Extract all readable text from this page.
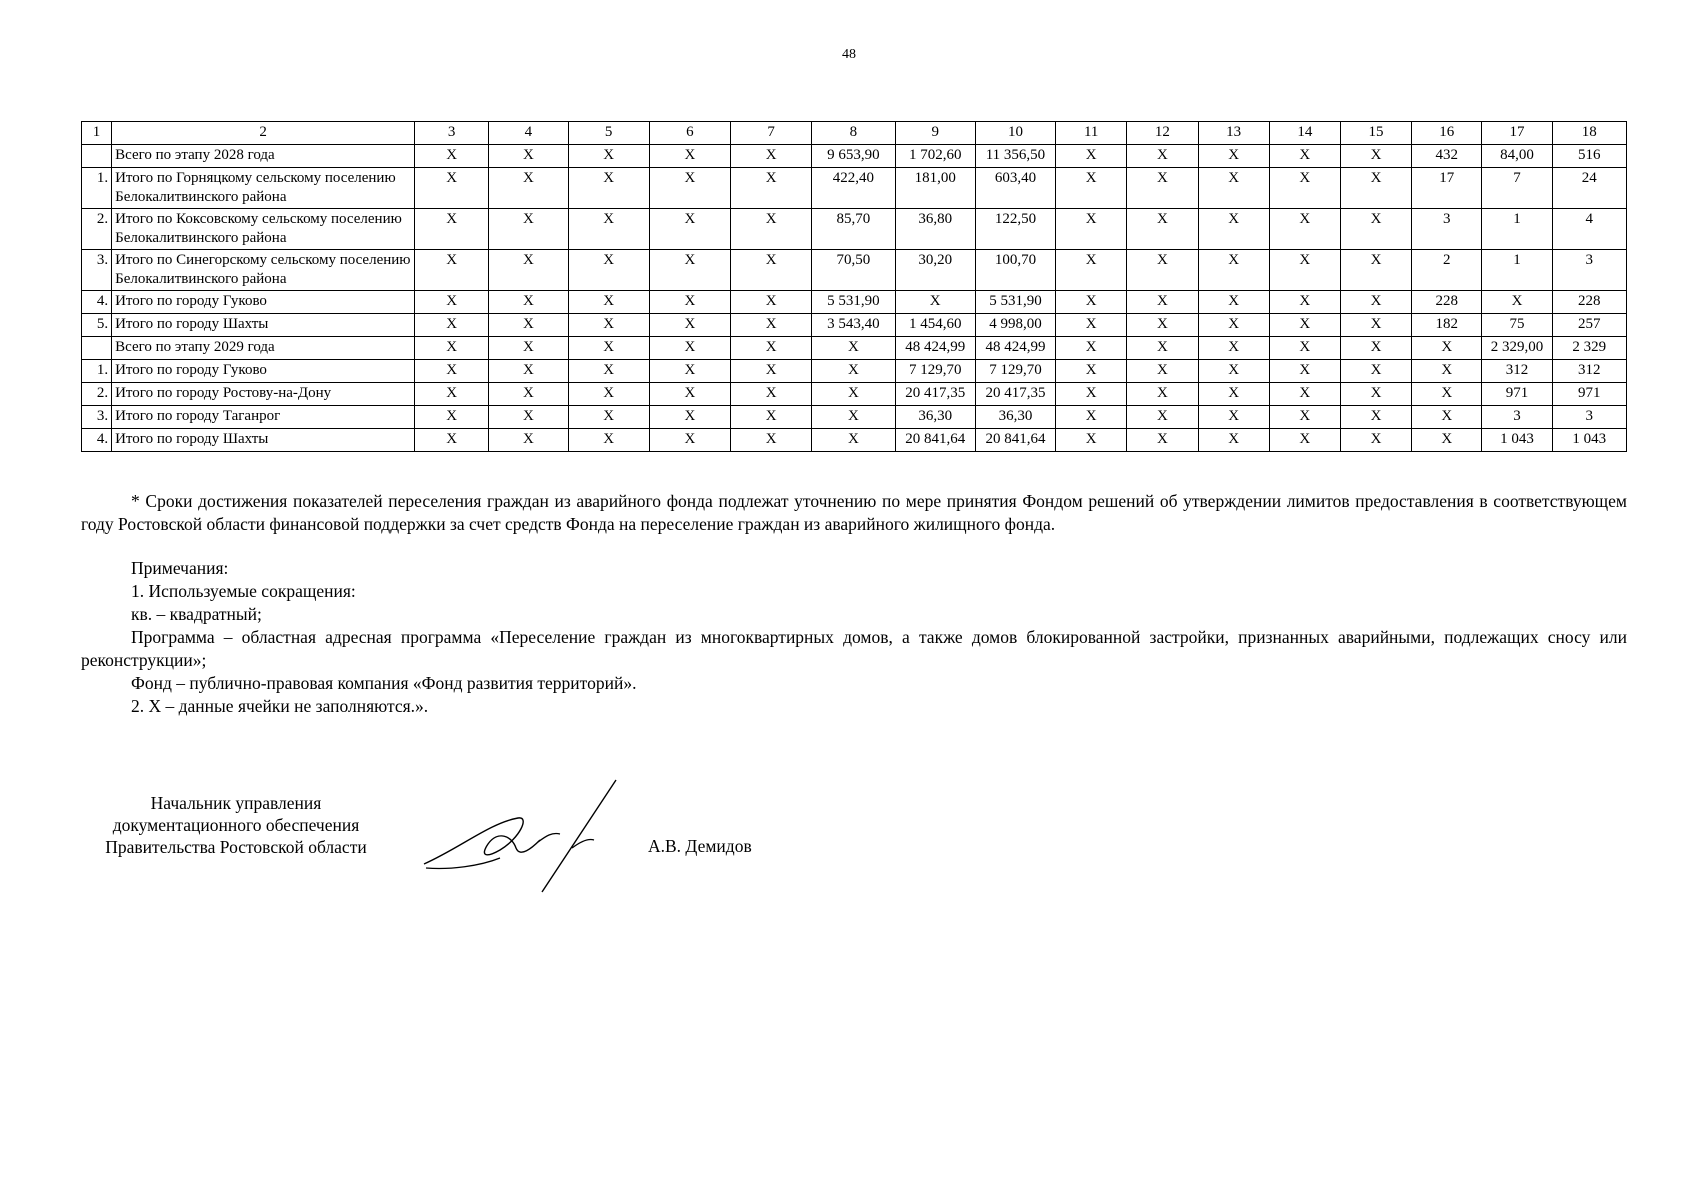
48
1	2	3	4	5	6	7	8	9	10	11	12	13	14	15	16	17	18
	Всего по этапу 2028 года	X	X	X	X	X	9 653,90	1 702,60	11 356,50	X	X	X	X	X	432	84,00	516
1.	Итого по Горняцкому сельскому поселению Белокалитвинского района	X	X	X	X	X	422,40	181,00	603,40	X	X	X	X	X	17	7	24
2.	Итого по Коксовскому сельскому поселению Белокалитвинского района	X	X	X	X	X	85,70	36,80	122,50	X	X	X	X	X	3	1	4
3.	Итого по Синегорскому сельскому поселению Белокалитвинского района	X	X	X	X	X	70,50	30,20	100,70	X	X	X	X	X	2	1	3
4.	Итого по городу Гуково	X	X	X	X	X	5 531,90	X	5 531,90	X	X	X	X	X	228	X	228
5.	Итого по городу Шахты	X	X	X	X	X	3 543,40	1 454,60	4 998,00	X	X	X	X	X	182	75	257
	Всего по этапу 2029 года	X	X	X	X	X	X	48 424,99	48 424,99	X	X	X	X	X	X	2 329,00	2 329
1.	Итого по городу Гуково	X	X	X	X	X	X	7 129,70	7 129,70	X	X	X	X	X	X	312	312
2.	Итого по городу Ростову-на-Дону	X	X	X	X	X	X	20 417,35	20 417,35	X	X	X	X	X	X	971	971
3.	Итого по городу Таганрог	X	X	X	X	X	X	36,30	36,30	X	X	X	X	X	X	3	3
4.	Итого по городу Шахты	X	X	X	X	X	X	20 841,64	20 841,64	X	X	X	X	X	X	1 043	1 043
* Сроки достижения показателей переселения граждан из аварийного фонда подлежат уточнению по мере принятия Фондом решений об утверждении лимитов предоставления в соответствующем году Ростовской области финансовой поддержки за счет средств Фонда на переселение граждан из аварийного жилищного фонда.

Примечания:

1. Используемые сокращения:

кв. – квадратный;

Программа – областная адресная программа «Переселение граждан из многоквартирных домов, а также домов блокированной застройки, признанных аварийными, подлежащих сносу или реконструкции»;

Фонд – публично-правовая компания «Фонд развития территорий».

2. X – данные ячейки не заполняются.».

Начальник управления
документационного обеспечения
Правительства Ростовской области	А.В. Демидов
